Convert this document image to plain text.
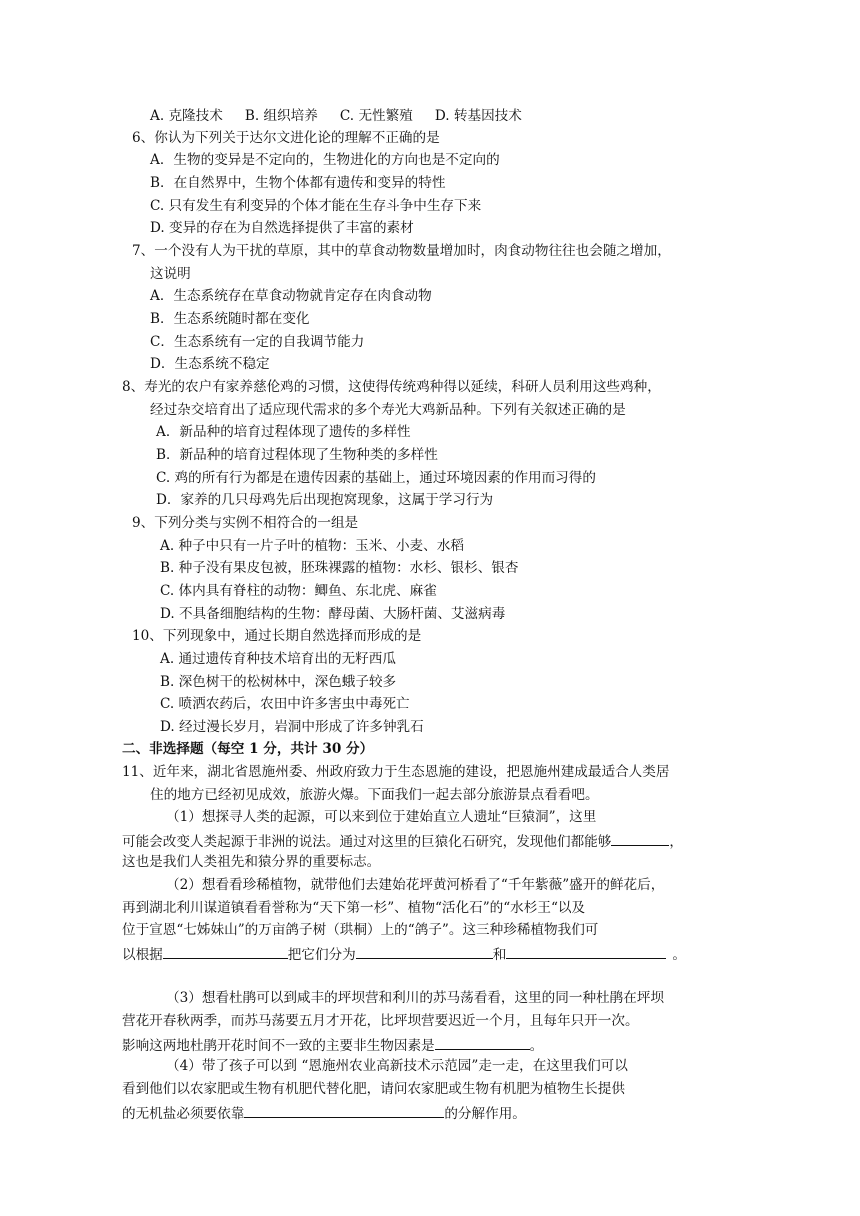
A. 克隆技术 B. 组织培养 C. 无性繁殖 D. 转基因技术
6、你认为下列关于达尔文进化论的理解不正确的是
A．生物的变异是不定向的，生物进化的方向也是不定向的
B．在自然界中，生物个体都有遗传和变异的特性
C. 只有发生有利变异的个体才能在生存斗争中生存下来
D. 变异的存在为自然选择提供了丰富的素材
7、一个没有人为干扰的草原，其中的草食动物数量增加时，肉食动物往往也会随之增加，
这说明
A．生态系统存在草食动物就肯定存在肉食动物
B．生态系统随时都在变化
C．生态系统有一定的自我调节能力
D．生态系统不稳定
8、寿光的农户有家养慈伦鸡的习惯，这使得传统鸡种得以延续，科研人员利用这些鸡种，
经过杂交培育出了适应现代需求的多个寿光大鸡新品种。下列有关叙述正确的是
A．新品种的培育过程体现了遗传的多样性
B．新品种的培育过程体现了生物种类的多样性
C. 鸡的所有行为都是在遗传因素的基础上，通过环境因素的作用而习得的
D．家养的几只母鸡先后出现抱窝现象，这属于学习行为
9、下列分类与实例不相符合的一组是
A. 种子中只有一片子叶的植物：玉米、小麦、水稻
B. 种子没有果皮包被，胚珠裸露的植物：水杉、银杉、银杏
C. 体内具有脊柱的动物：鲫鱼、东北虎、麻雀
D. 不具备细胞结构的生物：酵母菌、大肠杆菌、艾滋病毒
10、下列现象中，通过长期自然选择而形成的是
A. 通过遗传育种技术培育出的无籽西瓜
B. 深色树干的松树林中，深色蛾子较多
C. 喷洒农药后，农田中许多害虫中毒死亡
D. 经过漫长岁月，岩洞中形成了许多钟乳石
二、非选择题（每空 1 分，共计 30 分）
11、近年来，湖北省恩施州委、州政府致力于生态恩施的建设，把恩施州建成最适合人类居
住的地方已经初见成效，旅游火爆。下面我们一起去部分旅游景点看看吧。
（1）想探寻人类的起源，可以来到位于建始直立人遗址“巨猿洞”，这里
可能会改变人类起源于非洲的说法。通过对这里的巨猿化石研究，发现他们都能够	，
这也是我们人类祖先和猿分界的重要标志。
（2）想看看珍稀植物，就带他们去建始花坪黄河桥看了“千年紫薇”盛开的鲜花后，
再到湖北利川谋道镇看看誉称为“天下第一杉”、植物“活化石”的“水杉王“以及
位于宣恩“七姊妹山”的万亩鸽子树（珙桐）上的“鸽子”。这三种珍稀植物我们可
以根据	把它们分为	和	。
（3）想看杜鹃可以到咸丰的坪坝营和利川的苏马荡看看，这里的同一种杜鹃在坪坝
营花开春秋两季，而苏马荡要五月才开花，比坪坝营要迟近一个月，且每年只开一次。
影响这两地杜鹃开花时间不一致的主要非生物因素是	。
（4）带了孩子可以到 “恩施州农业高新技术示范园”走一走，在这里我们可以
看到他们以农家肥或生物有机肥代替化肥，请问农家肥或生物有机肥为植物生长提供
的无机盐必须要依靠	的分解作用。
